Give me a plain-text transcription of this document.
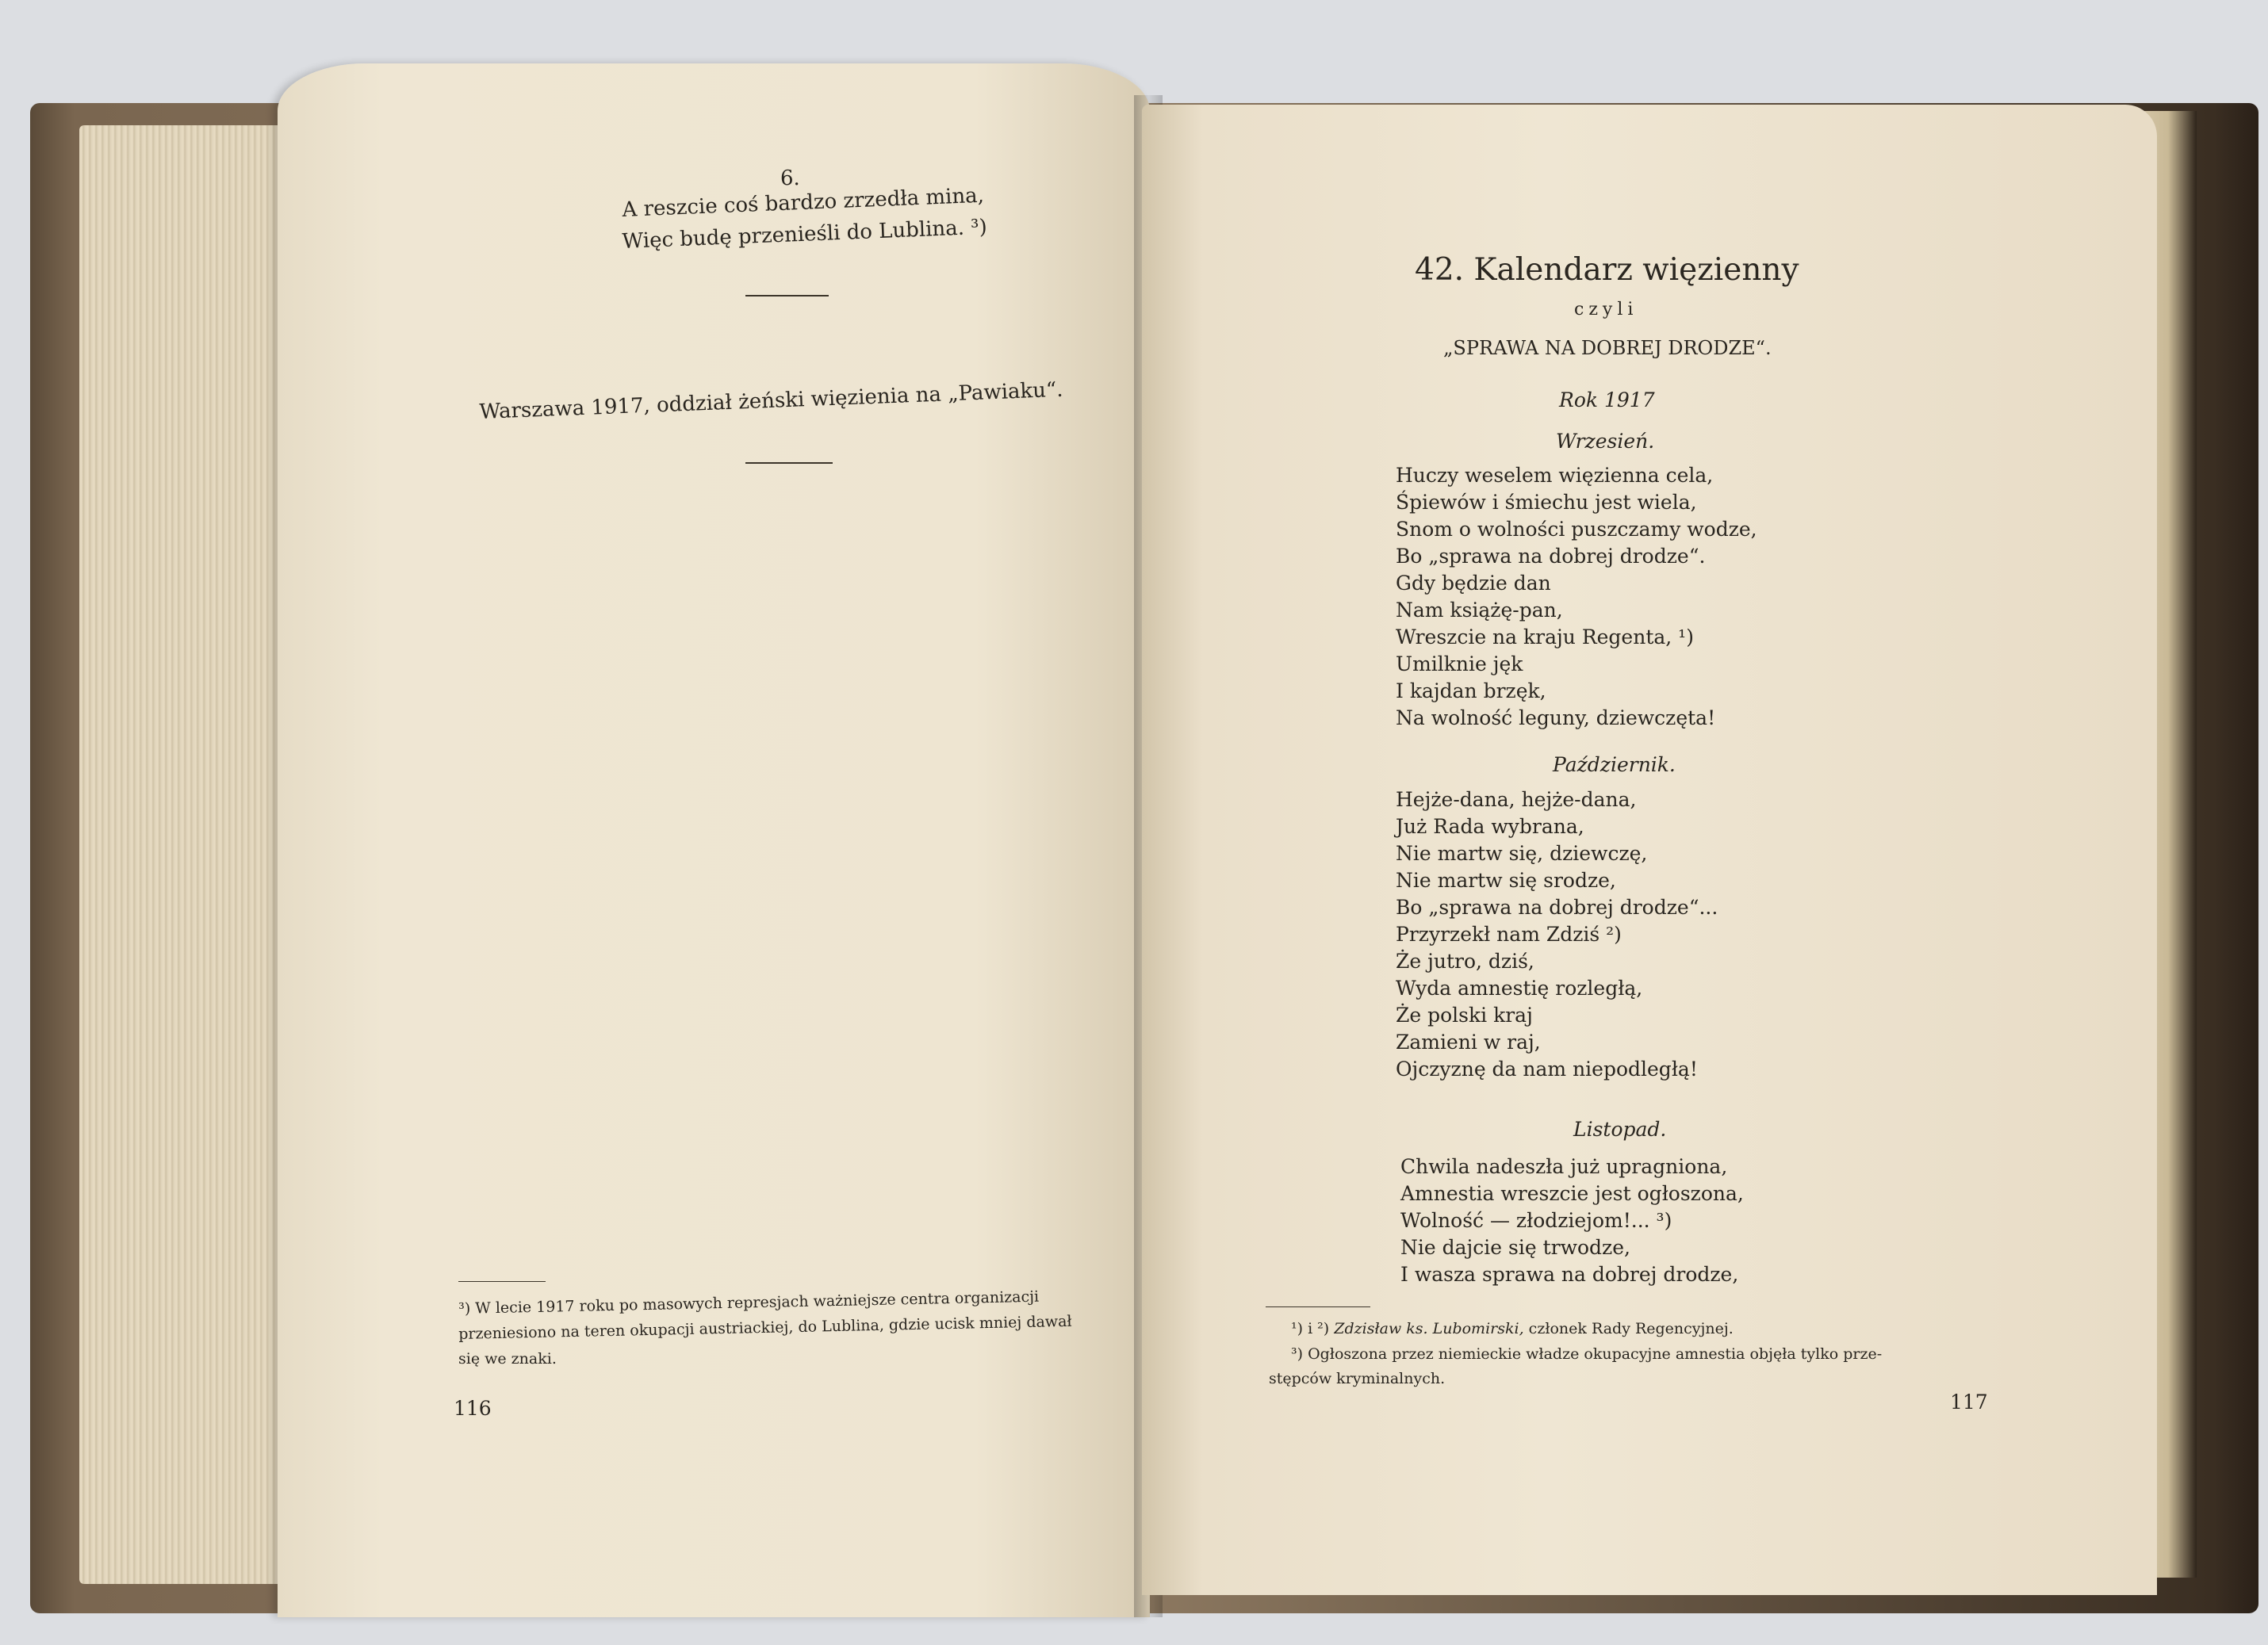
6.
A reszcie coś bardzo zrzedła mina,
Więc budę przenieśli do Lublina. ³)
Warszawa 1917, oddział żeński więzienia na „Pawiaku“.
³) W lecie 1917 roku po masowych represjach ważniejsze centra organizacji
przeniesiono na teren okupacji austriackiej, do Lublina, gdzie ucisk mniej dawał
się we znaki.
116
42. Kalendarz więzienny
czyli
„SPRAWA NA DOBREJ DRODZE“.
Rok 1917
Wrzesień.
Huczy weselem więzienna cela,
Śpiewów i śmiechu jest wiela,
Snom o wolności puszczamy wodze,
Bo „sprawa na dobrej drodze“.
Gdy będzie dan
Nam książę-pan,
Wreszcie na kraju Regenta, ¹)
Umilknie jęk
I kajdan brzęk,
Na wolność leguny, dziewczęta!
Październik.
Hejże-dana, hejże-dana,
Już Rada wybrana,
Nie martw się, dziewczę,
Nie martw się srodze,
Bo „sprawa na dobrej drodze“...
Przyrzekł nam Zdziś ²)
Że jutro, dziś,
Wyda amnestię rozległą,
Że polski kraj
Zamieni w raj,
Ojczyznę da nam niepodległą!
Listopad.
Chwila nadeszła już upragniona,
Amnestia wreszcie jest ogłoszona,
Wolność — złodziejom!... ³)
Nie dajcie się trwodze,
I wasza sprawa na dobrej drodze,
¹) i ²) Zdzisław ks. Lubomirski, członek Rady Regencyjnej.
³) Ogłoszona przez niemieckie władze okupacyjne amnestia objęła tylko prze-
stępców kryminalnych.
117
